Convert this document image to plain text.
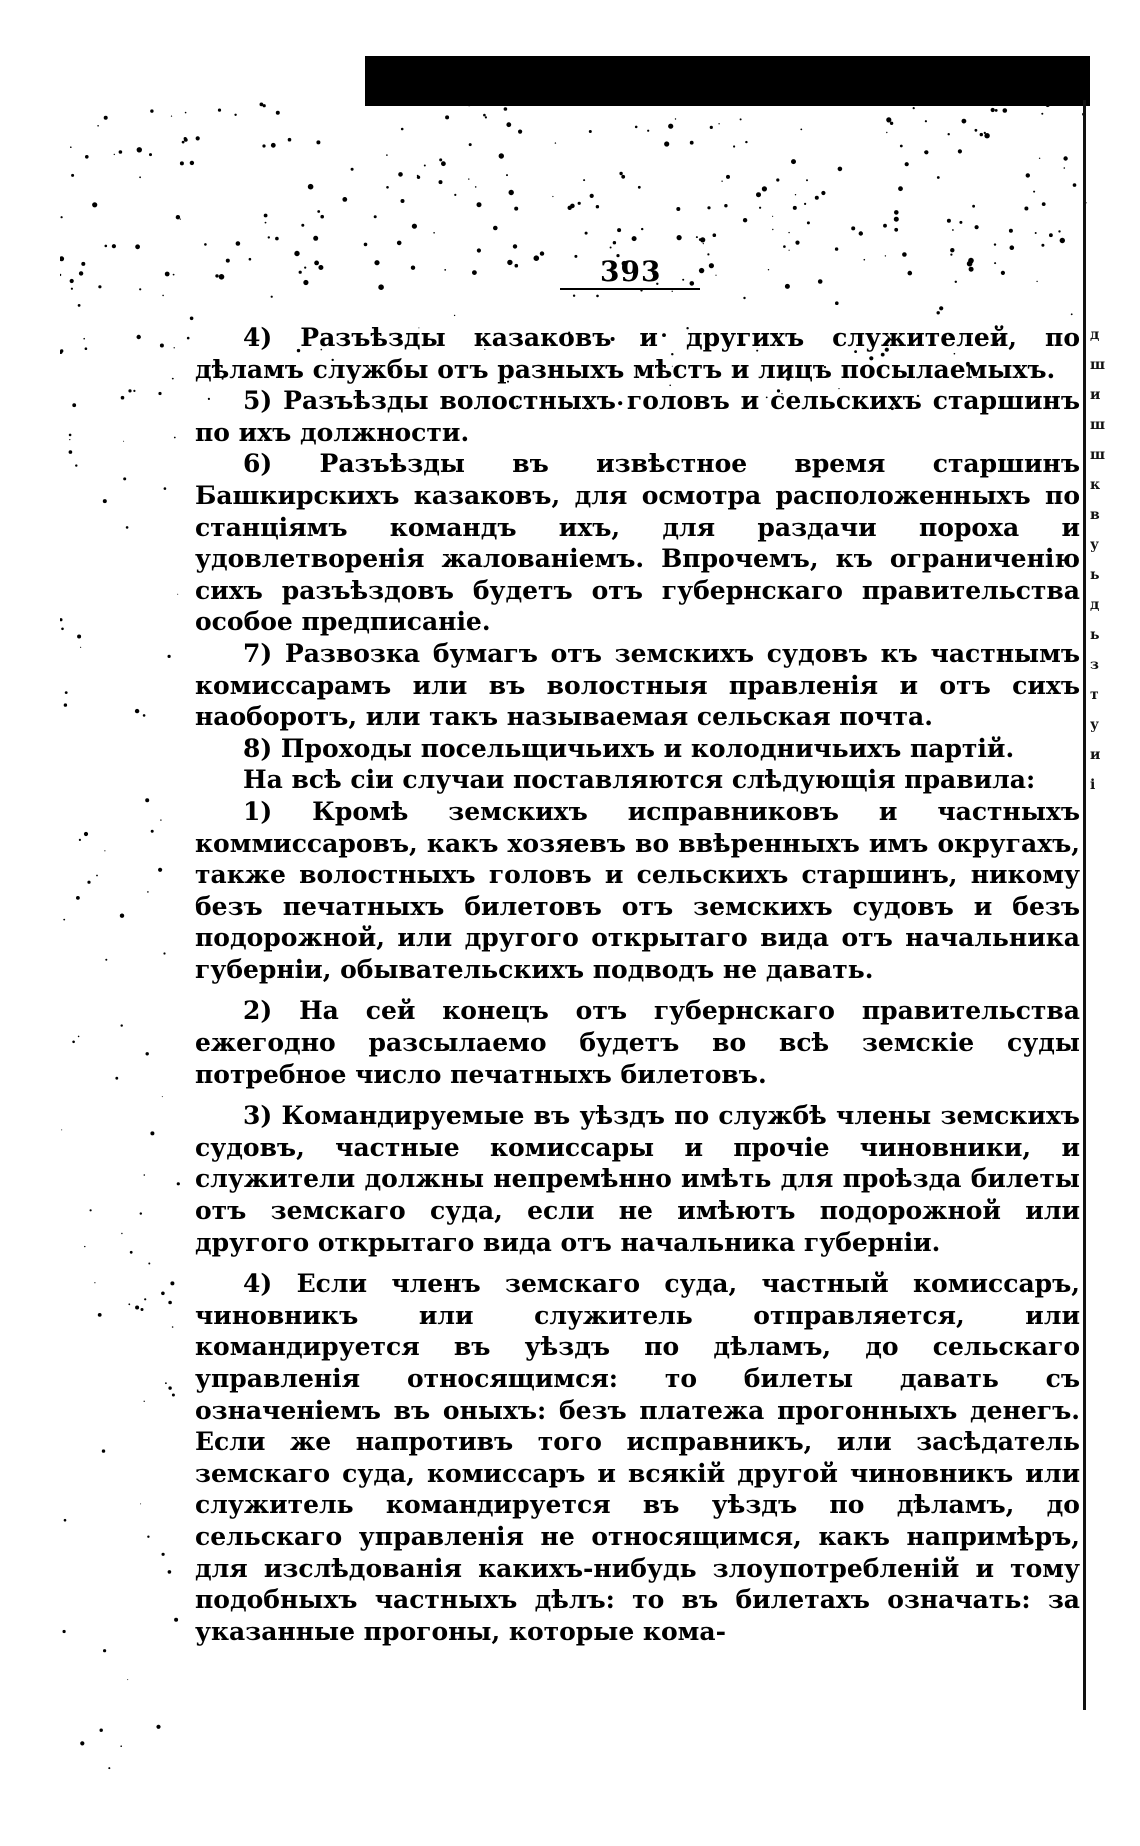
393

4) Разъѣзды казаковъ и другихъ служителей, по дѣламъ службы отъ разныхъ мѣстъ и лицъ посылаемыхъ.

5) Разъѣзды волостныхъ головъ и сельскихъ старшинъ по ихъ должности.

6) Разъѣзды въ извѣстное время старшинъ Башкирскихъ казаковъ, для осмотра расположенныхъ по станціямъ командъ ихъ, для раздачи пороха и удовлетворенія жалованіемъ. Впрочемъ, къ ограниченію сихъ разъѣздовъ будетъ отъ губернскаго правительства особое предписаніе.

7) Развозка бумагъ отъ земскихъ судовъ къ частнымъ комиссарамъ или въ волостныя правленія и отъ сихъ наоборотъ, или такъ называемая сельская почта.

8) Проходы посельщичьихъ и колодничьихъ партій.

На всѣ сіи случаи поставляются слѣдующія правила:

1) Кромѣ земскихъ исправниковъ и частныхъ коммиссаровъ, какъ хозяевъ во ввѣренныхъ имъ округахъ, также волостныхъ головъ и сельскихъ старшинъ, никому безъ печатныхъ билетовъ отъ земскихъ судовъ и безъ подорожной, или другого открытаго вида отъ начальника губерніи, обывательскихъ подводъ не давать.

2) На сей конецъ отъ губернскаго правительства ежегодно разсылаемо будетъ во всѣ земскіе суды потребное число печатныхъ билетовъ.

3) Командируемые въ уѣздъ по службѣ члены земскихъ судовъ, частные комиссары и прочіе чиновники, и служители должны непремѣнно имѣть для проѣзда билеты отъ земскаго суда, если не имѣютъ подорожной или другого открытаго вида отъ начальника губерніи.

4) Если членъ земскаго суда, частный комиссаръ, чиновникъ или служитель отправляется, или командируется въ уѣздъ по дѣламъ, до сельскаго управленія относящимся: то билеты давать съ означеніемъ въ оныхъ: безъ платежа прогонныхъ денегъ. Если же напротивъ того исправникъ, или засѣдатель земскаго суда, комиссаръ и всякій другой чиновникъ или служитель командируется въ уѣздъ по дѣламъ, до сельскаго управленія не относящимся, какъ напримѣръ, для изслѣдованія какихъ-нибудь злоупотребленій и тому подобныхъ частныхъ дѣлъ: то въ билетахъ означать: за указанные прогоны, которые кома-

д
ш
и
ш
ш
к
в
у
ь
д
ь
з
т
у
и
і
